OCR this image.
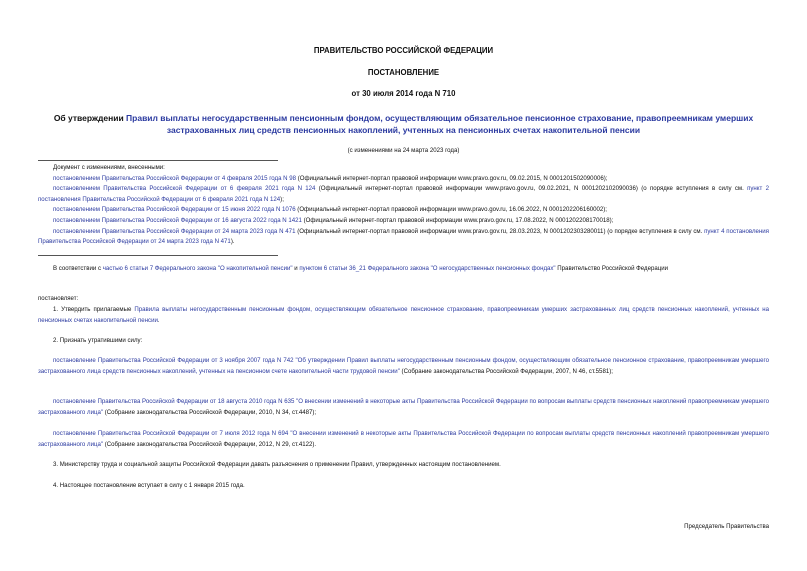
ПРАВИТЕЛЬСТВО РОССИЙСКОЙ ФЕДЕРАЦИИ
ПОСТАНОВЛЕНИЕ
от 30 июля 2014 года N 710
Об утверждении Правил выплаты негосударственным пенсионным фондом, осуществляющим обязательное пенсионное страхование, правопреемникам умерших застрахованных лиц средств пенсионных накоплений, учтенных на пенсионных счетах накопительной пенсии
(с изменениями на 24 марта 2023 года)
Документ с изменениями, внесенными:
постановлением Правительства Российской Федерации от 4 февраля 2015 года N 98 (Официальный интернет-портал правовой информации www.pravo.gov.ru, 09.02.2015, N 0001201502090006);
постановлением Правительства Российской Федерации от 6 февраля 2021 года N 124 (Официальный интернет-портал правовой информации www.pravo.gov.ru, 09.02.2021, N 0001202102090036) (о порядке вступления в силу см. пункт 2 постановления Правительства Российской Федерации от 6 февраля 2021 года N 124);
постановлением Правительства Российской Федерации от 15 июня 2022 года N 1076 (Официальный интернет-портал правовой информации www.pravo.gov.ru, 16.06.2022, N 0001202206160002);
постановлением Правительства Российской Федерации от 16 августа 2022 года N 1421 (Официальный интернет-портал правовой информации www.pravo.gov.ru, 17.08.2022, N 0001202208170018);
постановлением Правительства Российской Федерации от 24 марта 2023 года N 471 (Официальный интернет-портал правовой информации www.pravo.gov.ru, 28.03.2023, N 0001202303280011) (о порядке вступления в силу см. пункт 4 постановления Правительства Российской Федерации от 24 марта 2023 года N 471).
В соответствии с частью 6 статьи 7 Федерального закона "О накопительной пенсии" и пунктом 6 статьи 36_21 Федерального закона "О негосударственных пенсионных фондах" Правительство Российской Федерации
постановляет:
1. Утвердить прилагаемые Правила выплаты негосударственным пенсионным фондом, осуществляющим обязательное пенсионное страхование, правопреемникам умерших застрахованных лиц средств пенсионных накоплений, учтенных на пенсионных счетах накопительной пенсии.
2. Признать утратившими силу:
постановление Правительства Российской Федерации от 3 ноября 2007 года N 742 "Об утверждении Правил выплаты негосударственным пенсионным фондом, осуществляющим обязательное пенсионное страхование, правопреемникам умершего застрахованного лица средств пенсионных накоплений, учтенных на пенсионном счете накопительной части трудовой пенсии" (Собрание законодательства Российской Федерации, 2007, N 46, ст.5581);
постановление Правительства Российской Федерации от 18 августа 2010 года N 635 "О внесении изменений в некоторые акты Правительства Российской Федерации по вопросам выплаты средств пенсионных накоплений правопреемникам умершего застрахованного лица" (Собрание законодательства Российской Федерации, 2010, N 34, ст.4487);
постановление Правительства Российской Федерации от 7 июля 2012 года N 694 "О внесении изменений в некоторые акты Правительства Российской Федерации по вопросам выплаты средств пенсионных накоплений правопреемникам умершего застрахованного лица" (Собрание законодательства Российской Федерации, 2012, N 29, ст.4122).
3. Министерству труда и социальной защиты Российской Федерации давать разъяснения о применении Правил, утвержденных настоящим постановлением.
4. Настоящее постановление вступает в силу с 1 января 2015 года.
Председатель Правительства
